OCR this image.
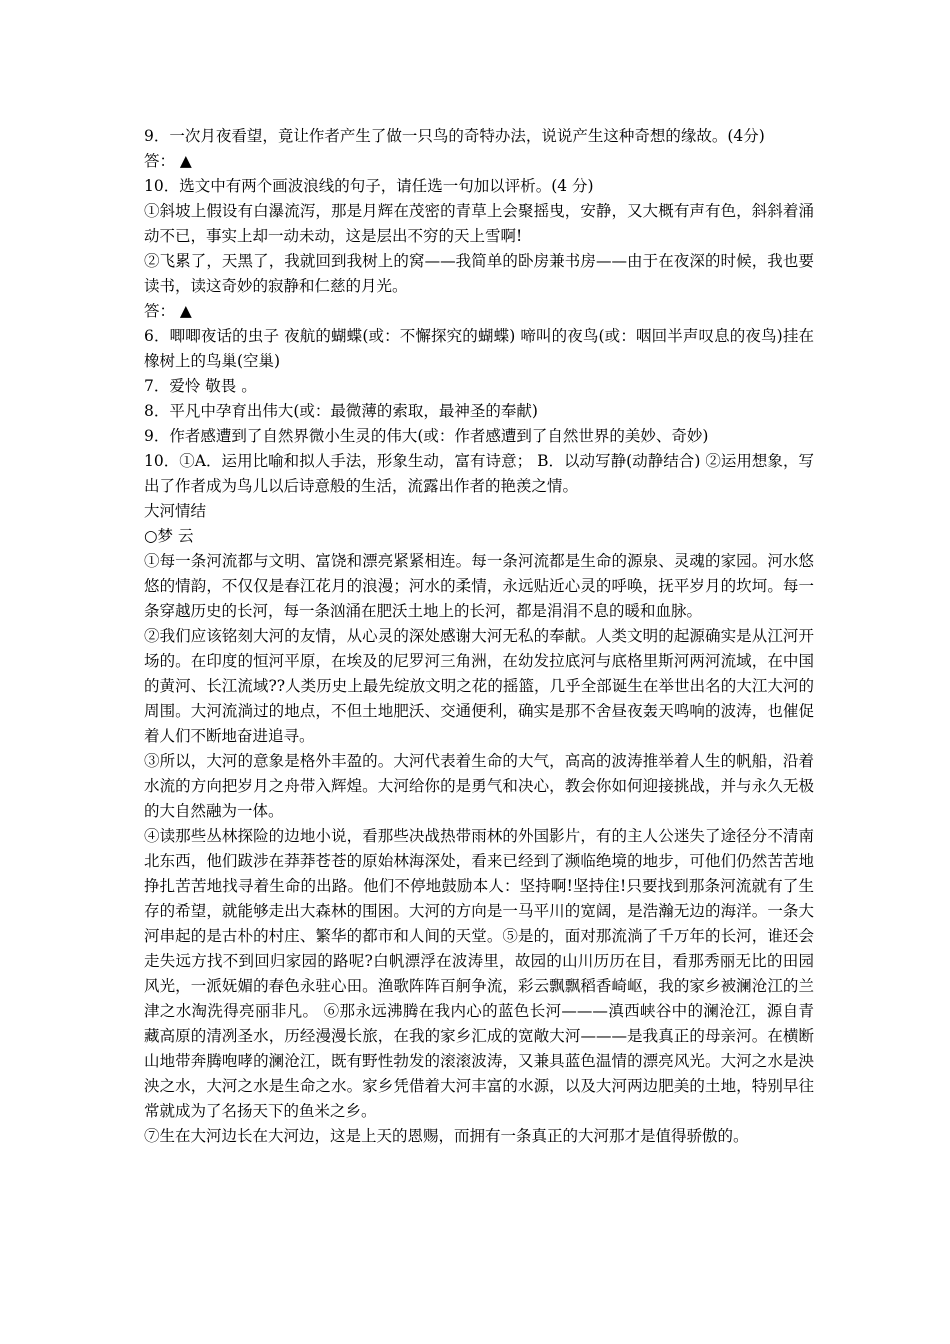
9．一次月夜看望，竟让作者产生了做一只鸟的奇特办法，说说产生这种奇想的缘故。(4分)

答： ▲

10．选文中有两个画波浪线的句子，请任选一句加以评析。(4 分)

①斜坡上假设有白瀑流泻，那是月辉在茂密的青草上会聚摇曳，安静，又大概有声有色，斜斜着涌动不已，事实上却一动未动，这是层出不穷的天上雪啊!

②飞累了，天黑了，我就回到我树上的窝——我简单的卧房兼书房——由于在夜深的时候，我也要读书，读这奇妙的寂静和仁慈的月光。

答： ▲

6．唧唧夜话的虫子 夜航的蝴蝶(或：不懈探究的蝴蝶) 啼叫的夜鸟(或：咽回半声叹息的夜鸟)挂在橡树上的鸟巢(空巢)

7．爱怜 敬畏 。

8．平凡中孕育出伟大(或：最微薄的索取，最神圣的奉献)

9．作者感遭到了自然界微小生灵的伟大(或：作者感遭到了自然世界的美妙、奇妙)

10．①A．运用比喻和拟人手法，形象生动，富有诗意； B．以动写静(动静结合) ②运用想象，写出了作者成为鸟儿以后诗意般的生活，流露出作者的艳羡之情。

大河情结

○梦 云

①每一条河流都与文明、富饶和漂亮紧紧相连。每一条河流都是生命的源泉、灵魂的家园。河水悠悠的情韵，不仅仅是春江花月的浪漫；河水的柔情，永远贴近心灵的呼唤，抚平岁月的坎坷。每一条穿越历史的长河，每一条汹涌在肥沃土地上的长河，都是涓涓不息的暖和血脉。

②我们应该铭刻大河的友情，从心灵的深处感谢大河无私的奉献。人类文明的起源确实是从江河开场的。在印度的恒河平原，在埃及的尼罗河三角洲，在幼发拉底河与底格里斯河两河流域，在中国的黄河、长江流域??人类历史上最先绽放文明之花的摇篮，几乎全部诞生在举世出名的大江大河的周围。大河流淌过的地点，不但土地肥沃、交通便利，确实是那不舍昼夜轰天鸣响的波涛，也催促着人们不断地奋进追寻。

③所以，大河的意象是格外丰盈的。大河代表着生命的大气，高高的波涛推举着人生的帆船，沿着水流的方向把岁月之舟带入辉煌。大河给你的是勇气和决心，教会你如何迎接挑战，并与永久无极的大自然融为一体。

④读那些丛林探险的边地小说，看那些决战热带雨林的外国影片，有的主人公迷失了途径分不清南北东西，他们跋涉在莽莽苍苍的原始林海深处，看来已经到了濒临绝境的地步，可他们仍然苦苦地挣扎苦苦地找寻着生命的出路。他们不停地鼓励本人：坚持啊!坚持住!只要找到那条河流就有了生存的希望，就能够走出大森林的围困。大河的方向是一马平川的宽阔，是浩瀚无边的海洋。一条大河串起的是古朴的村庄、繁华的都市和人间的天堂。⑤是的，面对那流淌了千万年的长河，谁还会走失远方找不到回归家园的路呢?白帆漂浮在波涛里，故园的山川历历在目，看那秀丽无比的田园风光，一派妩媚的春色永驻心田。渔歌阵阵百舸争流，彩云飘飘稻香崎岖，我的家乡被澜沧江的兰津之水淘洗得亮丽非凡。 ⑥那永远沸腾在我内心的蓝色长河———滇西峡谷中的澜沧江，源自青藏高原的清冽圣水，历经漫漫长旅，在我的家乡汇成的宽敞大河———是我真正的母亲河。在横断山地带奔腾咆哮的澜沧江，既有野性勃发的滚滚波涛，又兼具蓝色温情的漂亮风光。大河之水是泱泱之水，大河之水是生命之水。家乡凭借着大河丰富的水源，以及大河两边肥美的土地，特别早往常就成为了名扬天下的鱼米之乡。

⑦生在大河边长在大河边，这是上天的恩赐，而拥有一条真正的大河那才是值得骄傲的。
